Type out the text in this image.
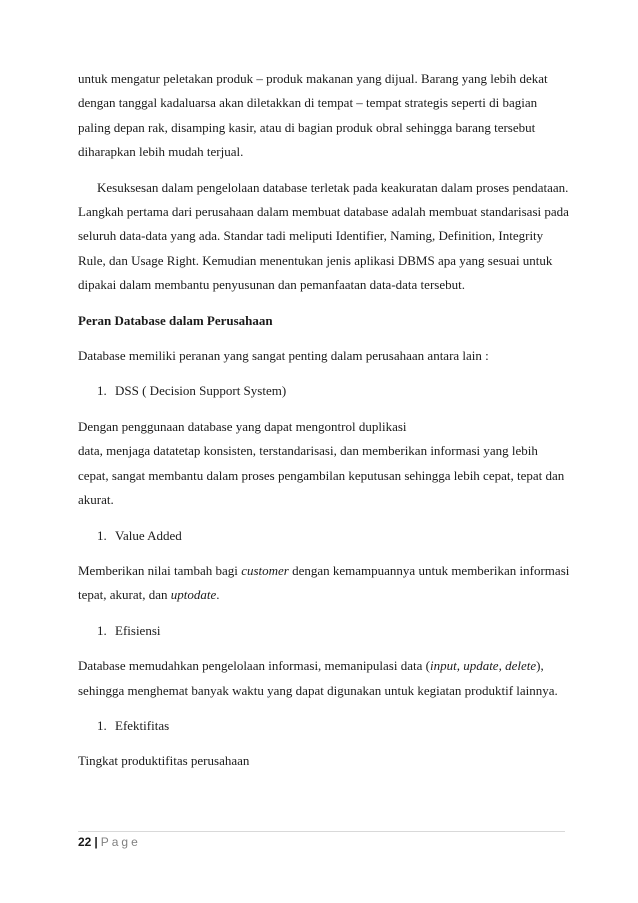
untuk mengatur peletakan produk – produk makanan yang dijual. Barang yang lebih dekat dengan tanggal kadaluarsa akan diletakkan di tempat – tempat strategis seperti di bagian paling depan rak, disamping kasir, atau di bagian produk obral sehingga barang tersebut diharapkan lebih mudah terjual.

Kesuksesan dalam pengelolaan database terletak pada keakuratan dalam proses pendataan. Langkah pertama dari perusahaan dalam membuat database adalah membuat standarisasi pada seluruh data-data yang ada. Standar tadi meliputi Identifier, Naming, Definition, Integrity Rule, dan Usage Right. Kemudian menentukan jenis aplikasi DBMS apa yang sesuai untuk dipakai dalam membantu penyusunan dan pemanfaatan data-data tersebut.

Peran Database dalam Perusahaan

Database memiliki peranan yang sangat penting dalam perusahaan antara lain :

1. DSS ( Decision Support System)

Dengan penggunaan database yang dapat mengontrol duplikasi

data, menjaga datatetap konsisten, terstandarisasi, dan memberikan informasi yang lebih cepat, sangat membantu dalam proses pengambilan keputusan sehingga lebih cepat, tepat dan akurat.

1. Value Added

Memberikan nilai tambah bagi customer dengan kemampuannya untuk memberikan informasi tepat, akurat, dan uptodate.

1. Efisiensi

Database memudahkan pengelolaan informasi, memanipulasi data (input, update, delete), sehingga menghemat banyak waktu yang dapat digunakan untuk kegiatan produktif lainnya.

1. Efektifitas

Tingkat produktifitas perusahaan

22 | Page
